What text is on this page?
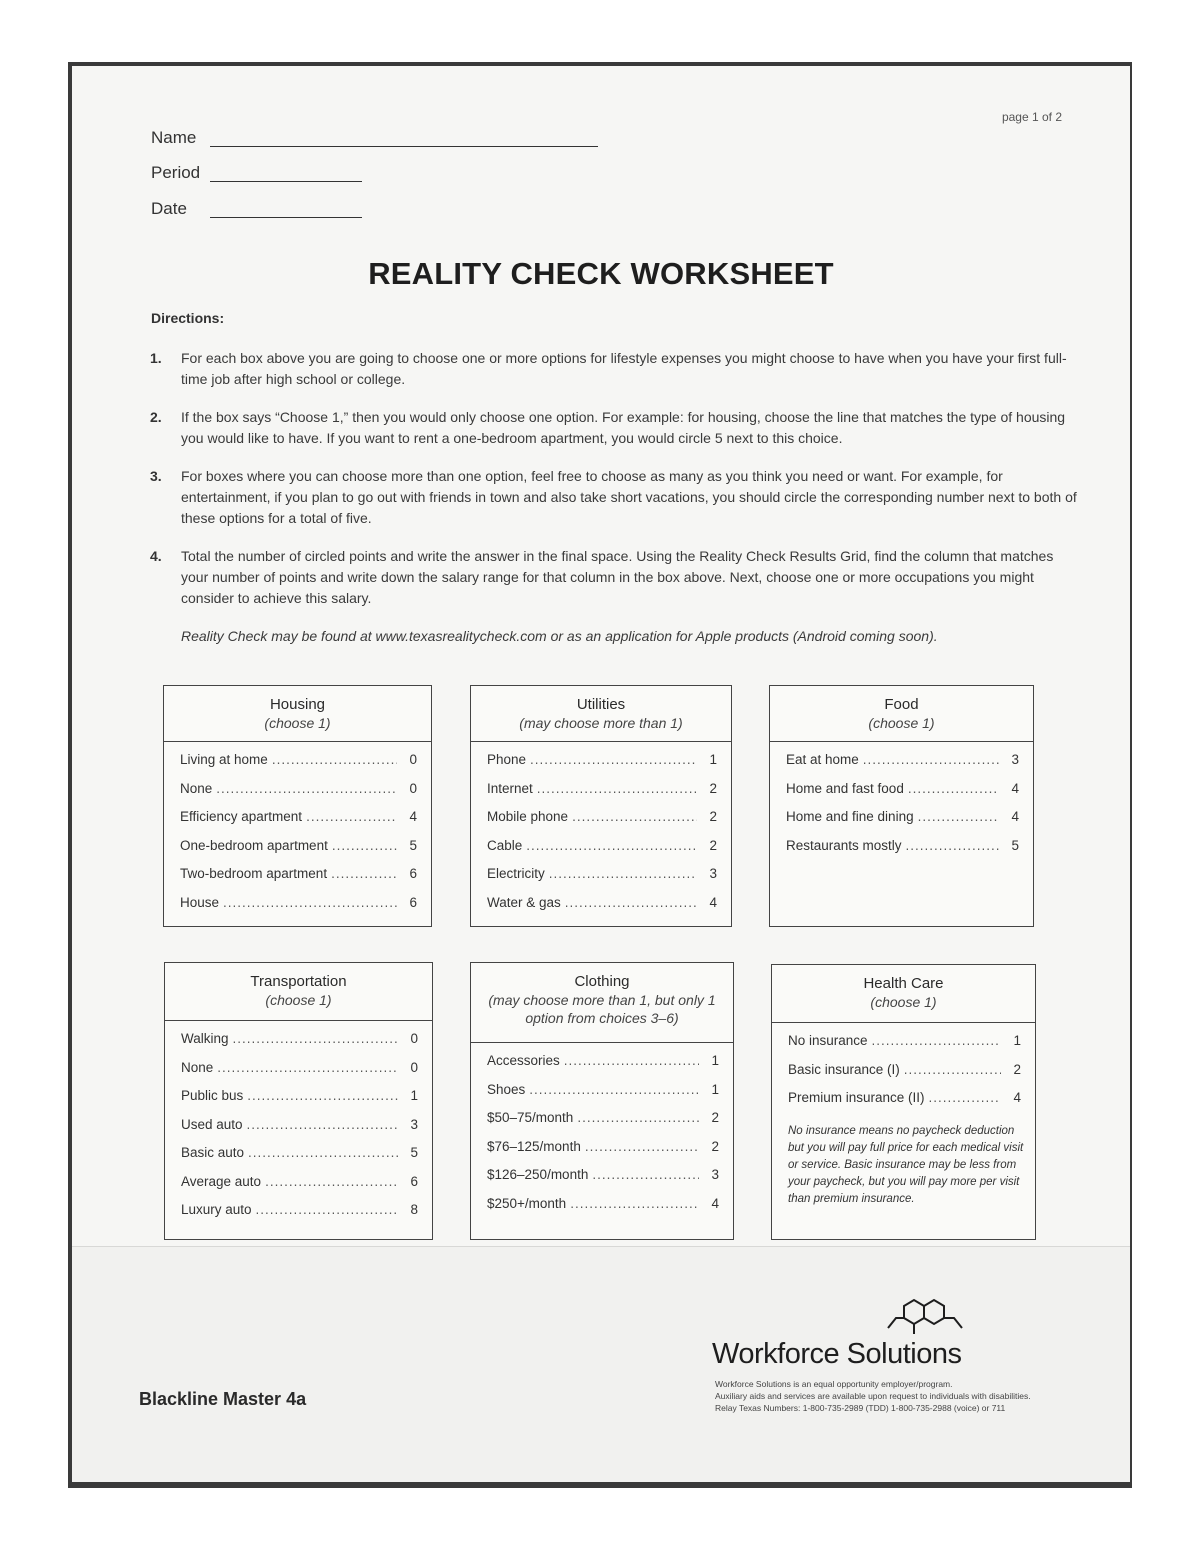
page 1 of 2
Name
Period
Date
REALITY CHECK WORKSHEET
Directions:
1. For each box above you are going to choose one or more options for lifestyle expenses you might choose to have when you have your first full-time job after high school or college.
2. If the box says “Choose 1,” then you would only choose one option. For example: for housing, choose the line that matches the type of housing you would like to have. If you want to rent a one-bedroom apartment, you would circle 5 next to this choice.
3. For boxes where you can choose more than one option, feel free to choose as many as you think you need or want. For example, for entertainment, if you plan to go out with friends in town and also take short vacations, you should circle the corresponding number next to both of these options for a total of five.
4. Total the number of circled points and write the answer in the final space. Using the Reality Check Results Grid, find the column that matches your number of points and write down the salary range for that column in the box above. Next, choose one or more occupations you might consider to achieve this salary.
Reality Check may be found at www.texasrealitycheck.com or as an application for Apple products (Android coming soon).
Housing
(choose 1)
Living at home .....	0
None .....	0
Efficiency apartment .....	4
One-bedroom apartment .....	5
Two-bedroom apartment .....	6
House .....	6
Utilities
(may choose more than 1)
Phone .....	1
Internet .....	2
Mobile phone .....	2
Cable .....	2
Electricity .....	3
Water & gas .....	4
Food
(choose 1)
Eat at home .....	3
Home and fast food .....	4
Home and fine dining .....	4
Restaurants mostly .....	5
Transportation
(choose 1)
Walking .....	0
None .....	0
Public bus .....	1
Used auto .....	3
Basic auto .....	5
Average auto .....	6
Luxury auto .....	8
Clothing
(may choose more than 1, but only 1 option from choices 3–6)
Accessories .....	1
Shoes .....	1
$50–75/month .....	2
$76–125/month .....	2
$126–250/month .....	3
$250+/month .....	4
Health Care
(choose 1)
No insurance .....	1
Basic insurance (I) .....	2
Premium insurance (II) .....	4
No insurance means no paycheck deduction but you will pay full price for each medical visit or service. Basic insurance may be less from your paycheck, but you will pay more per visit than premium insurance.
Blackline Master 4a
Workforce Solutions
Workforce Solutions is an equal opportunity employer/program.
Auxiliary aids and services are available upon request to individuals with disabilities.
Relay Texas Numbers: 1-800-735-2989 (TDD) 1-800-735-2988 (voice) or 711
